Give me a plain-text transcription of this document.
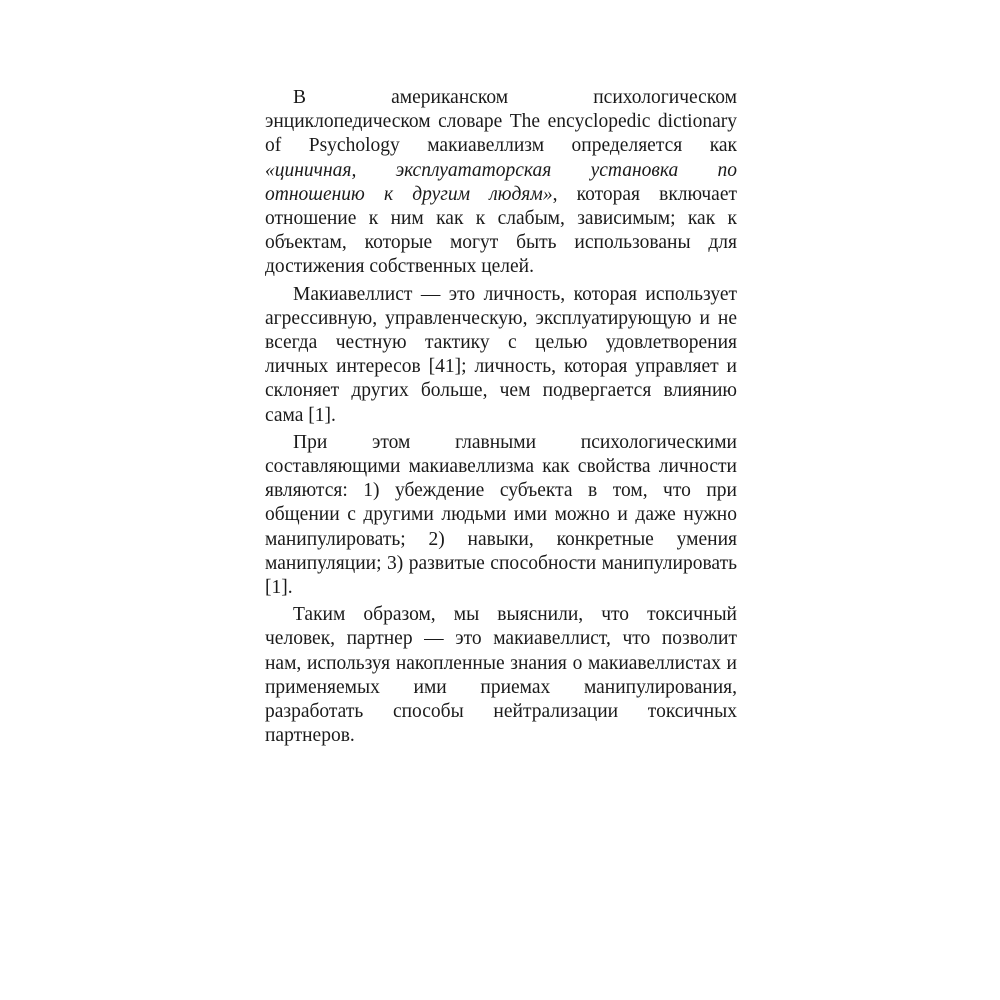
В американском психологическом энциклопедическом словаре The encyclopedic dictionary of Psychology макиавеллизм определяется как «циничная, эксплуататорская установка по отношению к другим людям», которая включает отношение к ним как к слабым, зависимым; как к объектам, которые могут быть использованы для достижения собственных целей.

Макиавеллист — это личность, которая использует агрессивную, управленческую, эксплуатирующую и не всегда честную тактику с целью удовлетворения личных интересов [41]; личность, которая управляет и склоняет других больше, чем подвергается влиянию сама [1].

При этом главными психологическими составляющими макиавеллизма как свойства личности являются: 1) убеждение субъекта в том, что при общении с другими людьми ими можно и даже нужно манипулировать; 2) навыки, конкретные умения манипуляции; 3) развитые способности манипулировать [1].

Таким образом, мы выяснили, что токсичный человек, партнер — это макиавеллист, что позволит нам, используя накопленные знания о макиавеллистах и применяемых ими приемах манипулирования, разработать способы нейтрализации токсичных партнеров.
